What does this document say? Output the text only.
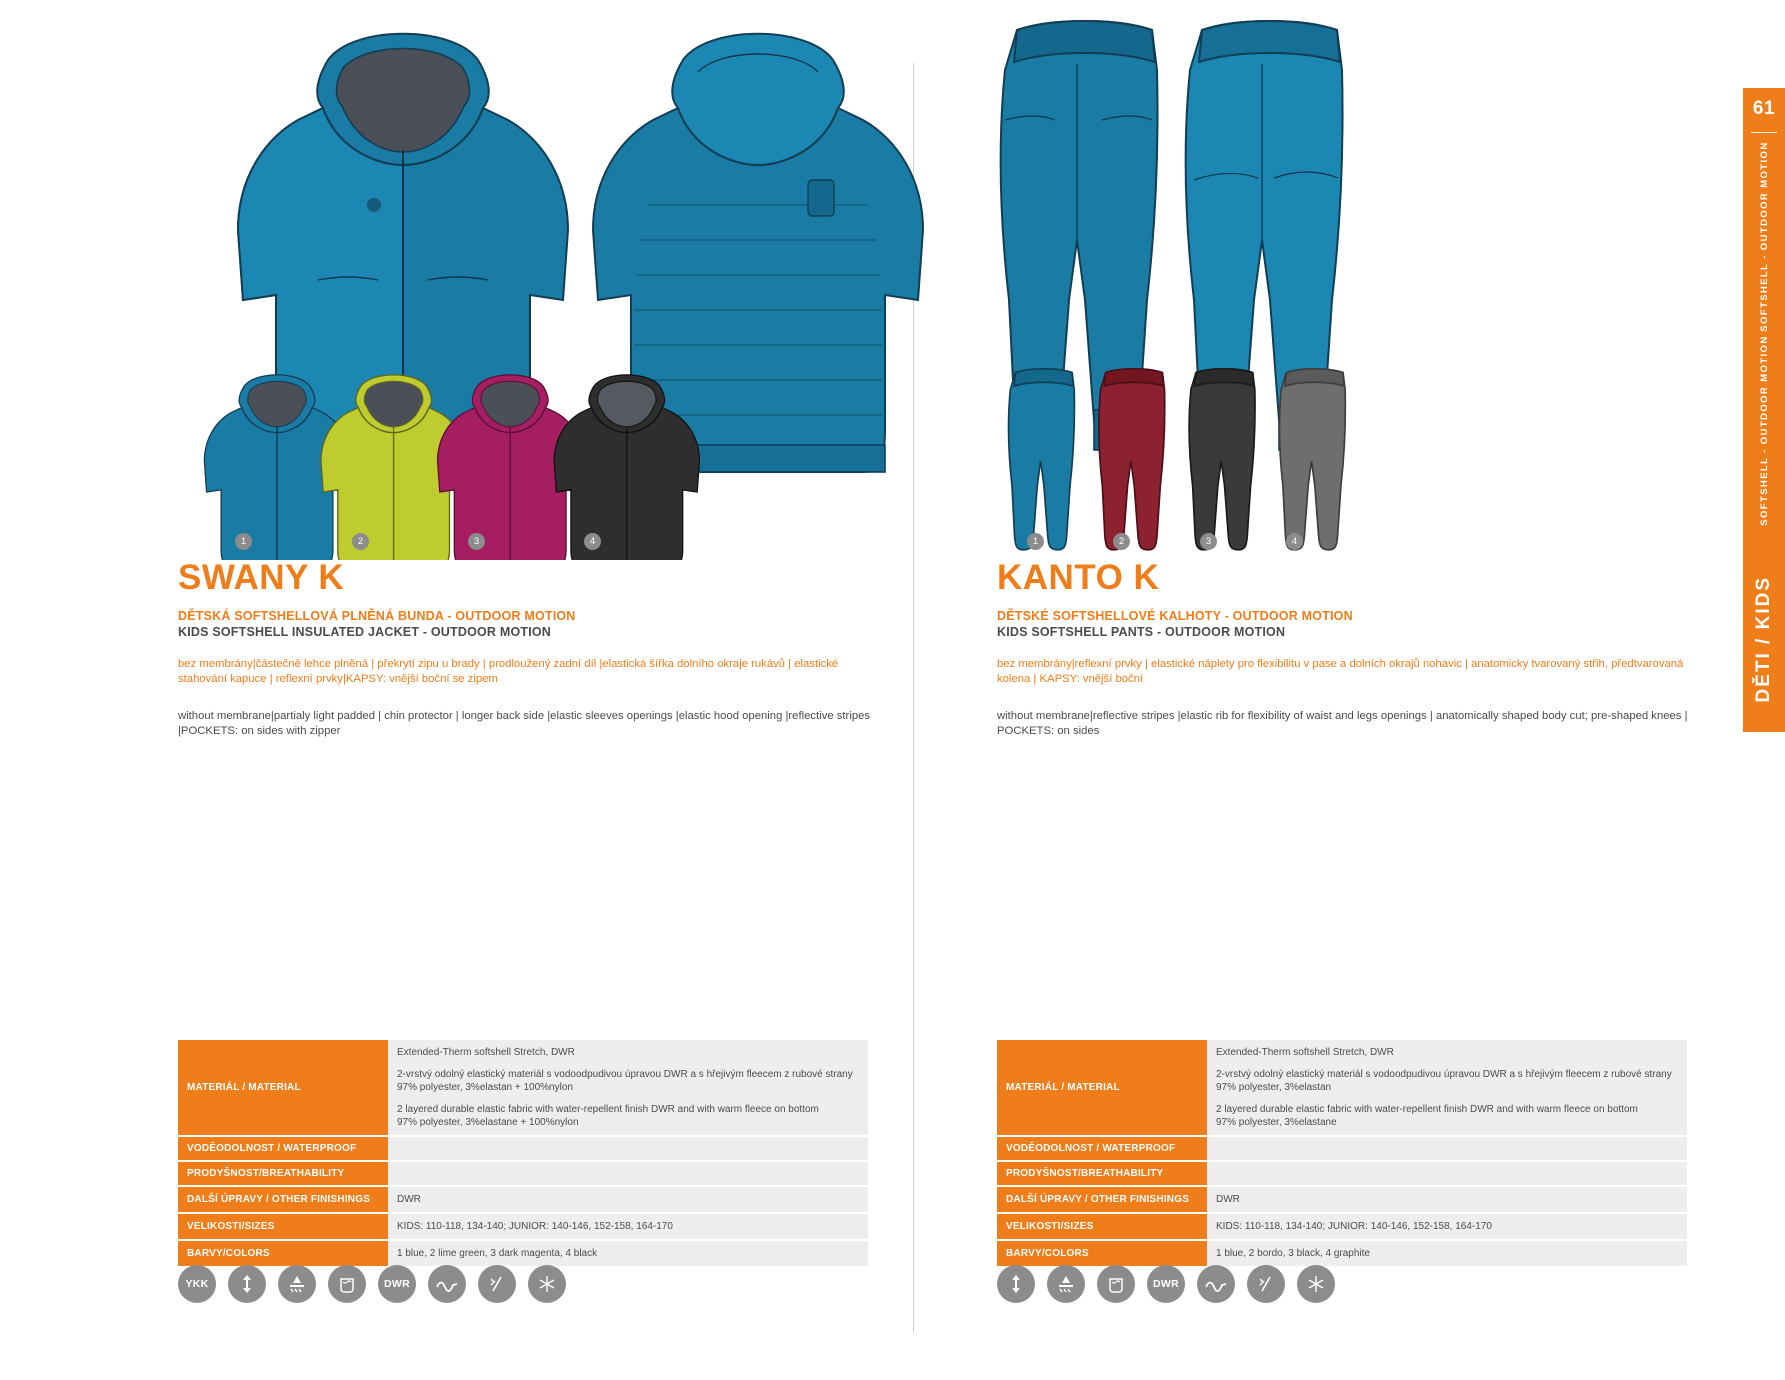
61
SOFTSHELL - OUTDOOR MOTION SOFTSHELL - OUTDOOR MOTION
DĚTI / KIDS
1	2	3	4
SWANY K
DĚTSKÁ SOFTSHELLOVÁ PLNĚNÁ BUNDA - OUTDOOR MOTION
KIDS SOFTSHELL INSULATED JACKET - OUTDOOR MOTION
bez membrány|částečně lehce plněná | překrytí zipu u brady | prodloužený zadní díl |elastická šířka dolního okraje rukávů | elastické stahování kapuce | reflexní prvky|KAPSY: vnější boční se zipem
without membrane|partialy light padded | chin protector | longer back side |elastic sleeves openings |elastic hood opening |reflective stripes |POCKETS: on sides with zipper
MATERIÁL / MATERIAL	Extended-Therm softshell Stretch, DWR
2-vrstvý odolný elastický materiál s vodoodpudivou úpravou DWR a s hřejivým fleecem z rubové strany
97% polyester, 3%elastan + 100%nylon
2 layered durable elastic fabric with water-repellent finish DWR and with warm fleece on bottom
97% polyester, 3%elastane + 100%nylon
VODĚODOLNOST / WATERPROOF	
PRODYŠNOST/BREATHABILITY	
DALŠÍ ÚPRAVY / OTHER FINISHINGS	DWR
VELIKOSTI/SIZES	KIDS: 110-118, 134-140; JUNIOR: 140-146, 152-158, 164-170
BARVY/COLORS	1 blue, 2 lime green, 3 dark magenta, 4 black
YKK	DWR
1	2	3	4
KANTO K
DĚTSKÉ SOFTSHELLOVÉ KALHOTY - OUTDOOR MOTION
KIDS SOFTSHELL PANTS - OUTDOOR MOTION
bez membrány|reflexní prvky | elastické náplety pro flexibilitu v pase a dolních okrajů nohavic | anatomicky tvarovaný střih, předtvarovaná kolena | KAPSY: vnější boční
without membrane|reflective stripes |elastic rib for flexibility of waist and legs openings | anatomically shaped body cut; pre-shaped knees | POCKETS: on sides
MATERIÁL / MATERIAL	Extended-Therm softshell Stretch, DWR
2-vrstvý odolný elastický materiál s vodoodpudivou úpravou DWR a s hřejivým fleecem z rubové strany
97% polyester, 3%elastan
2 layered durable elastic fabric with water-repellent finish DWR and with warm fleece on bottom
97% polyester, 3%elastane
VODĚODOLNOST / WATERPROOF	
PRODYŠNOST/BREATHABILITY	
DALŠÍ ÚPRAVY / OTHER FINISHINGS	DWR
VELIKOSTI/SIZES	KIDS: 110-118, 134-140; JUNIOR: 140-146, 152-158, 164-170
BARVY/COLORS	1 blue, 2 bordo, 3 black, 4 graphite
DWR
